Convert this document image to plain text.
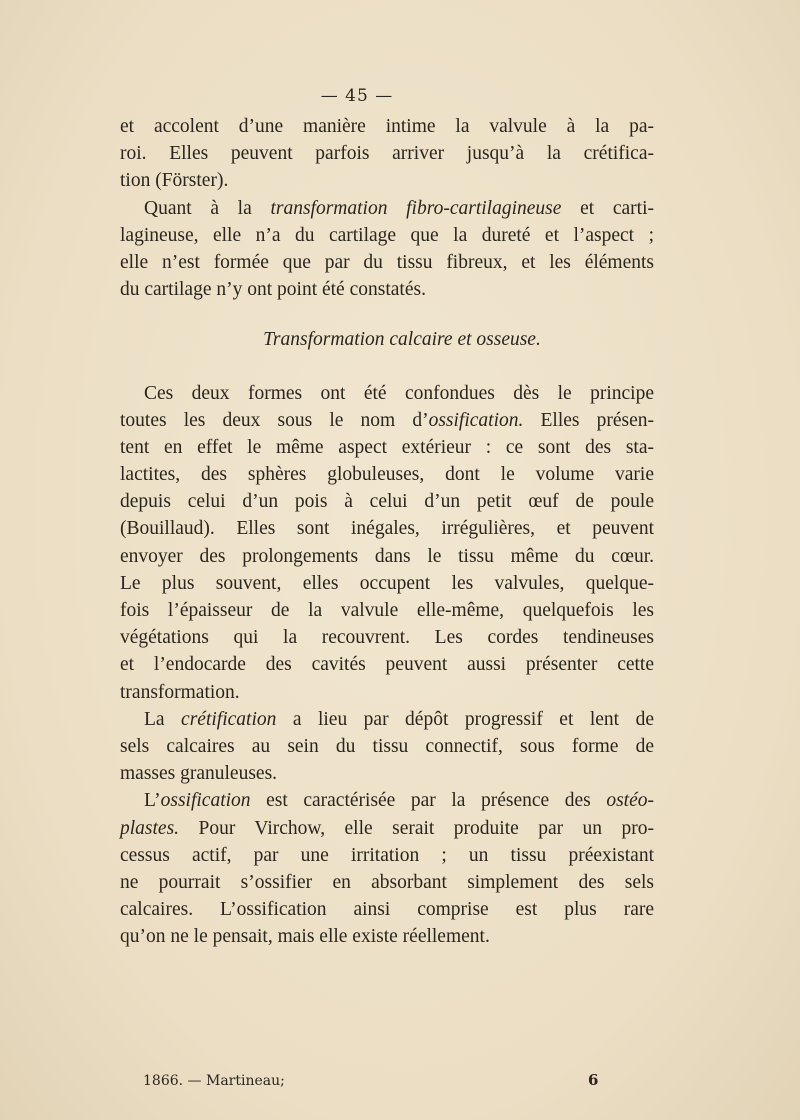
— 45 —
et accolent d’une manière intime la valvule à la pa-
roi. Elles peuvent parfois arriver jusqu’à la crétifica-
tion (Förster).
Quant à la transformation fibro-cartilagineuse et carti-
lagineuse, elle n’a du cartilage que la dureté et l’aspect ;
elle n’est formée que par du tissu fibreux, et les éléments
du cartilage n’y ont point été constatés.
Transformation calcaire et osseuse.
Ces deux formes ont été confondues dès le principe
toutes les deux sous le nom d’ossification. Elles présen-
tent en effet le même aspect extérieur : ce sont des sta-
lactites, des sphères globuleuses, dont le volume varie
depuis celui d’un pois à celui d’un petit œuf de poule
(Bouillaud). Elles sont inégales, irrégulières, et peuvent
envoyer des prolongements dans le tissu même du cœur.
Le plus souvent, elles occupent les valvules, quelque-
fois l’épaisseur de la valvule elle-même, quelquefois les
végétations qui la recouvrent. Les cordes tendineuses
et l’endocarde des cavités peuvent aussi présenter cette
transformation.
La crétification a lieu par dépôt progressif et lent de
sels calcaires au sein du tissu connectif, sous forme de
masses granuleuses.
L’ossification est caractérisée par la présence des ostéo-
plastes. Pour Virchow, elle serait produite par un pro-
cessus actif, par une irritation ; un tissu préexistant
ne pourrait s’ossifier en absorbant simplement des sels
calcaires. L’ossification ainsi comprise est plus rare
qu’on ne le pensait, mais elle existe réellement.
1866. — Martineau;	6
